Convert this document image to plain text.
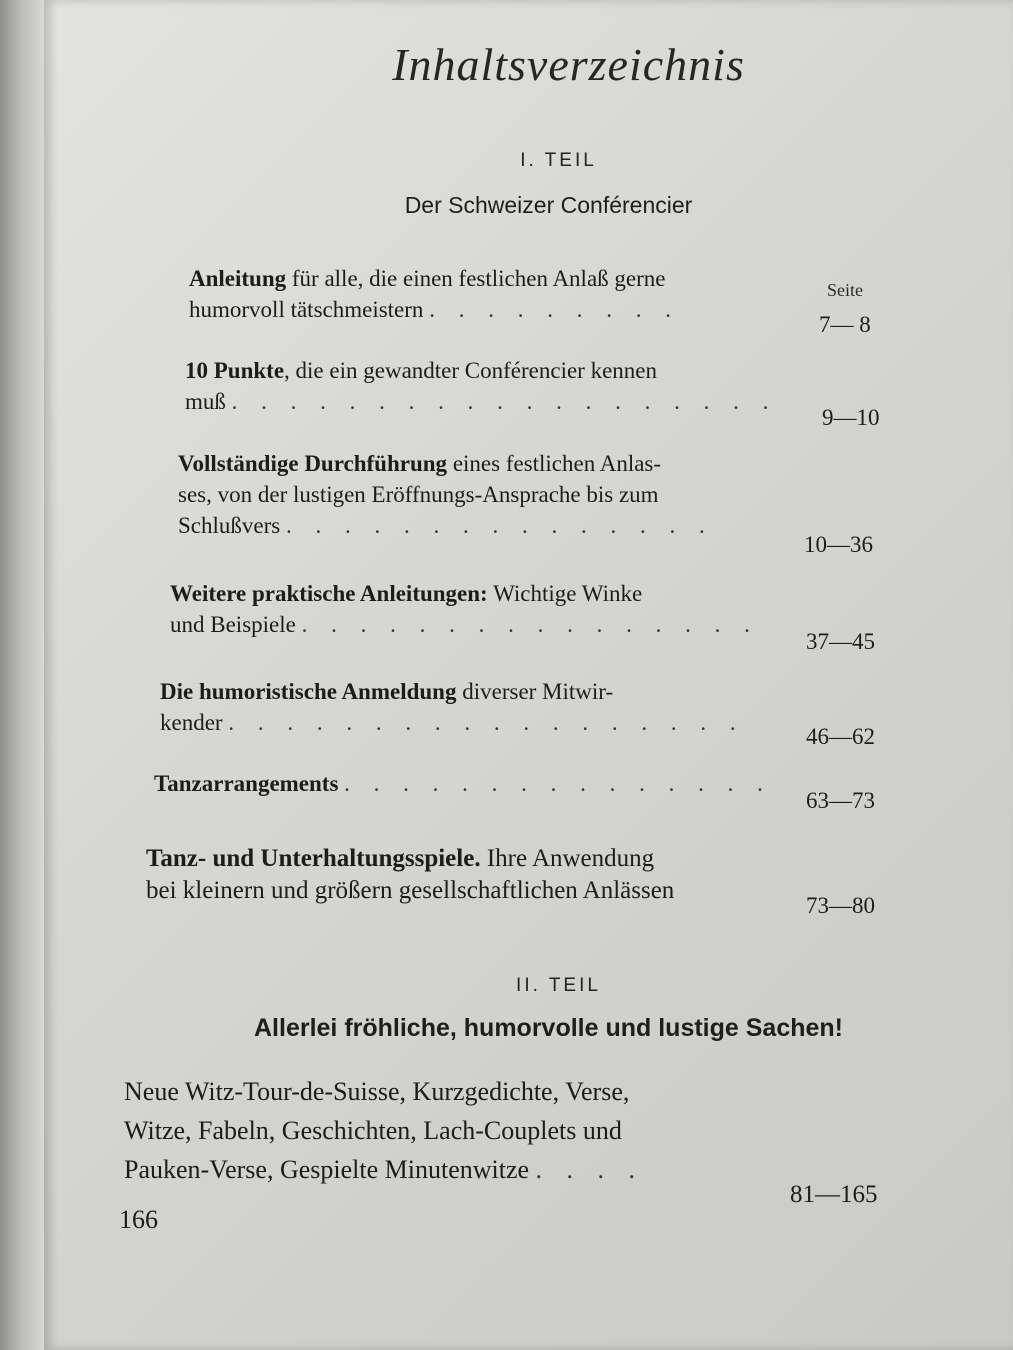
Inhaltsverzeichnis
I. TEIL
Der Schweizer Conférencier
Seite
Anleitung für alle, die einen festlichen Anlaß gerne
humorvoll tätschmeistern . . . . . . . . .
7— 8
10 Punkte, die ein gewandter Conférencier kennen
muß . . . . . . . . . . . . . . . . . . .
9—10
Vollständige Durchführung eines festlichen Anlas-
ses, von der lustigen Eröffnungs-Ansprache bis zum
Schlußvers . . . . . . . . . . . . . . .
10—36
Weitere praktische Anleitungen: Wichtige Winke
und Beispiele . . . . . . . . . . . . . . . .
37—45
Die humoristische Anmeldung diverser Mitwir-
kender . . . . . . . . . . . . . . . . . .
46—62
Tanzarrangements . . . . . . . . . . . . . . .
63—73
Tanz- und Unterhaltungsspiele. Ihre Anwendung
bei kleinern und größern gesellschaftlichen Anlässen
73—80
II. TEIL
Allerlei fröhliche, humorvolle und lustige Sachen!
Neue Witz-Tour-de-Suisse, Kurzgedichte, Verse,
Witze, Fabeln, Geschichten, Lach-Couplets und
Pauken-Verse, Gespielte Minutenwitze . . . .
81—165
166
